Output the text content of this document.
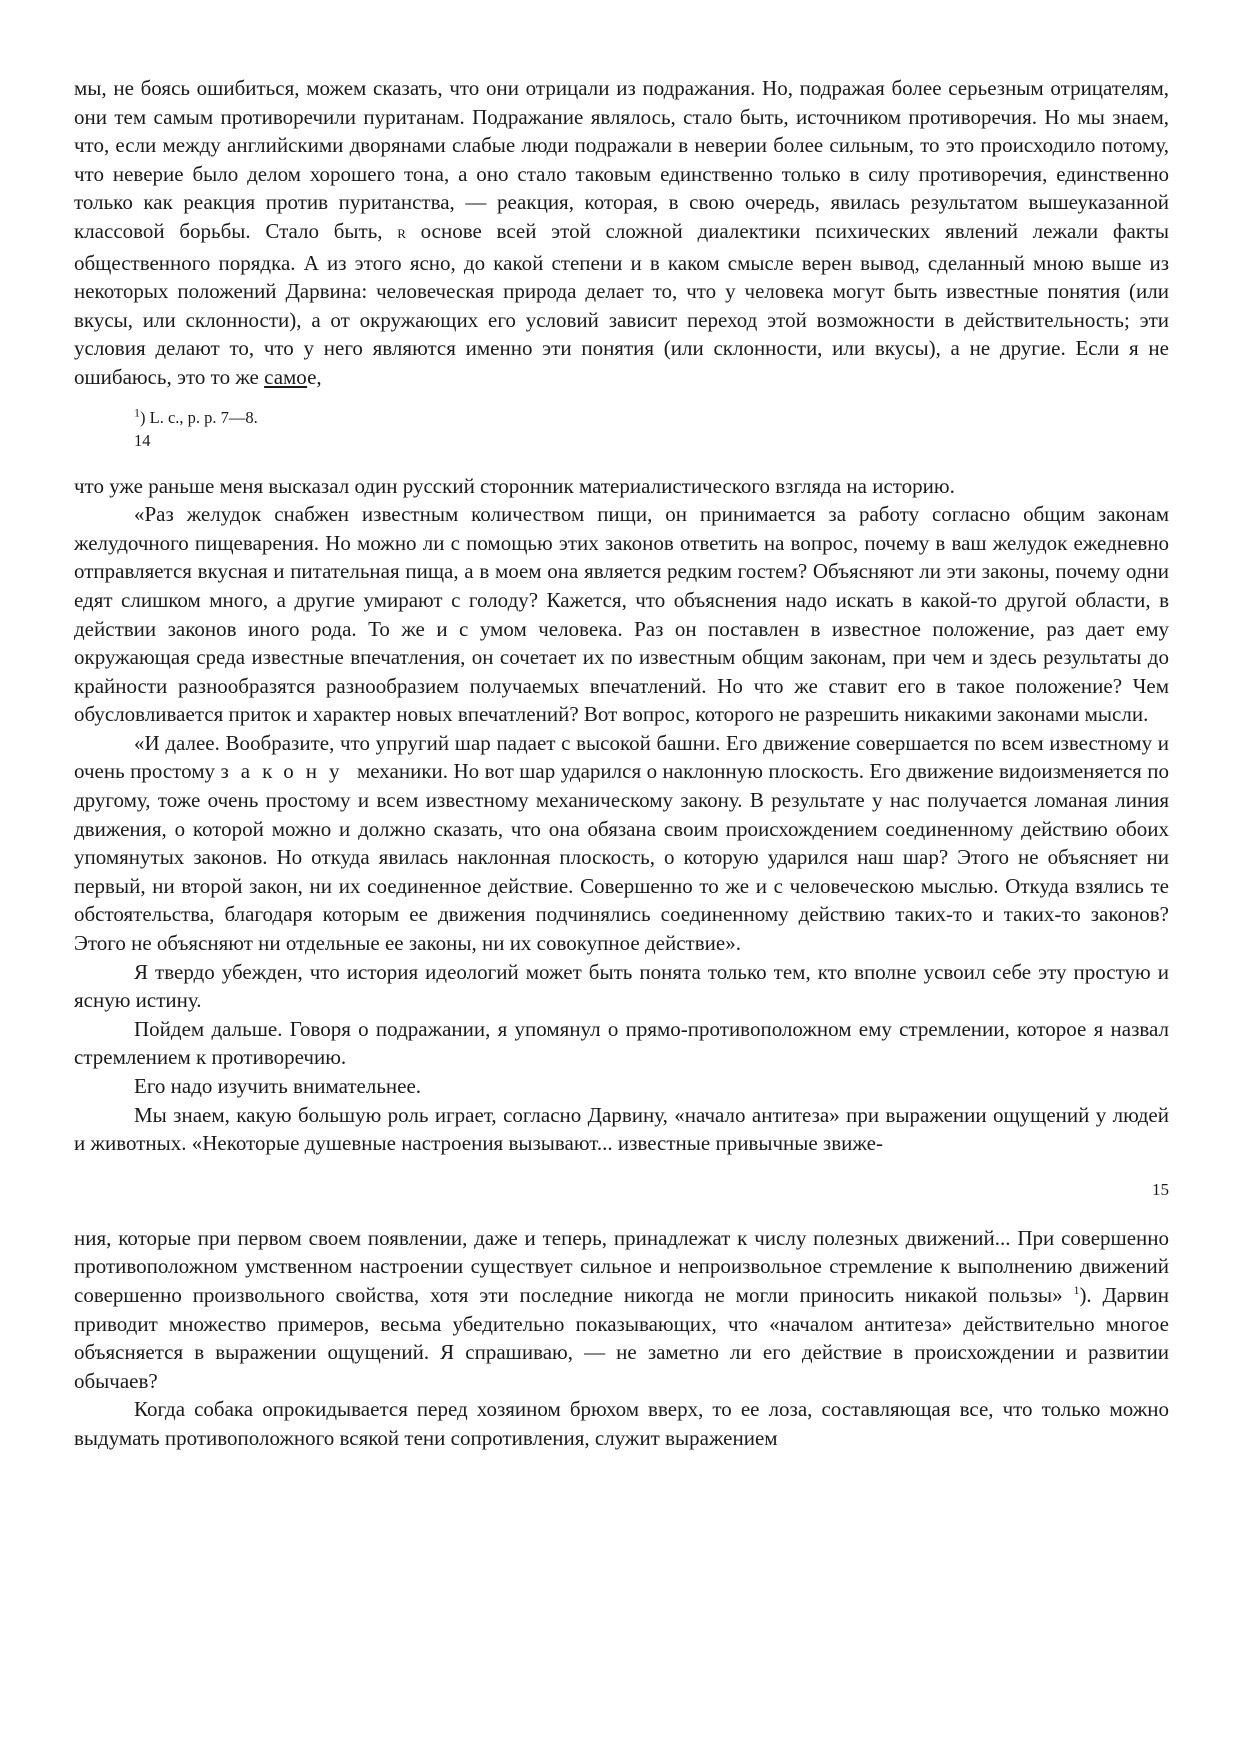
мы, не боясь ошибиться, можем сказать, что они отрицали из подражания. Но, подражая более серьезным отрицателям, они тем самым противоречили пуританам. Подражание являлось, стало быть, источником противоречия. Но мы знаем, что, если между английскими дворянами слабые люди подражали в неверии более сильным, то это происходило потому, что неверие было делом хорошего тона, а оно стало таковым единственно только в силу противоречия, единственно только как реакция против пуританства, — реакция, которая, в свою очередь, явилась результатом вышеуказанной классовой борьбы. Стало быть, R основе всей этой сложной диалектики психических явлений лежали факты общественного порядка. А из этого ясно, до какой степени и в каком смысле верен вывод, сделанный мною выше из некоторых положений Дарвина: человеческая природа делает то, что у человека могут быть известные понятия (или вкусы, или склонности), а от окружающих его условий зависит переход этой возможности в действительность; эти условия делают то, что у него являются именно эти понятия (или склонности, или вкусы), а не другие. Если я не ошибаюсь, это то же самое,

$^1$) L. c., p. p. 7—8.

14

что уже раньше меня высказал один русский сторонник материалистического взгляда на историю.

«Раз желудок снабжен известным количеством пищи, он принимается за работу согласно общим законам желудочного пищеварения. Но можно ли с помощью этих законов ответить на вопрос, почему в ваш желудок ежедневно отправляется вкусная и питательная пища, а в моем она является редким гостем? Объясняют ли эти законы, почему одни едят слишком много, а другие умирают с голоду? Кажется, что объяснения надо искать в какой-то другой области, в действии законов иного рода. То же и с умом человека. Раз он поставлен в известное положение, раз дает ему окружающая среда известные впечатления, он сочетает их по известным общим законам, при чем и здесь результаты до крайности разнообразятся разнообразием получаемых впечатлений. Но что же ставит его в такое положение? Чем обусловливается приток и характер новых впечатлений? Вот вопрос, которого не разрешить никакими законами мысли.

«И далее. Вообразите, что упругий шар падает с высокой башни. Его движение совершается по всем известному и очень простому закону механики. Но вот шар ударился о наклонную плоскость. Его движение видоизменяется по другому, тоже очень простому и всем известному механическому закону. В результате у нас получается ломаная линия движения, о которой можно и должно сказать, что она обязана своим происхождением соединенному действию обоих упомянутых законов. Но откуда явилась наклонная плоскость, о которую ударился наш шар? Этого не объясняет ни первый, ни второй закон, ни их соединенное действие. Совершенно то же и с человеческою мыслью. Откуда взялись те обстоятельства, благодаря которым ее движения подчинялись соединенному действию таких-то и таких-то законов? Этого не объясняют ни отдельные ее законы, ни их совокупное действие».

Я твердо убежден, что история идеологий может быть понята только тем, кто вполне усвоил себе эту простую и ясную истину.

Пойдем дальше. Говоря о подражании, я упомянул о прямо-противоположном ему стремлении, которое я назвал стремлением к противоречию.

Его надо изучить внимательнее.

Мы знаем, какую большую роль играет, согласно Дарвину, «начало антитеза» при выражении ощущений у людей и животных. «Некоторые душевные настроения вызывают... известные привычные звиже-

15

ния, которые при первом своем появлении, даже и теперь, принадлежат к числу полезных движений... При совершенно противоположном умственном настроении существует сильное и непроизвольное стремление к выполнению движений совершенно произвольного свойства, хотя эти последние никогда не могли приносить никакой пользы» $^1$). Дарвин приводит множество примеров, весьма убедительно показывающих, что «началом антитеза» действительно многое объясняется в выражении ощущений. Я спрашиваю, — не заметно ли его действие в происхождении и развитии обычаев?

Когда собака опрокидывается перед хозяином брюхом вверх, то ее лоза, составляющая все, что только можно выдумать противоположного всякой тени сопротивления, служит выражением
